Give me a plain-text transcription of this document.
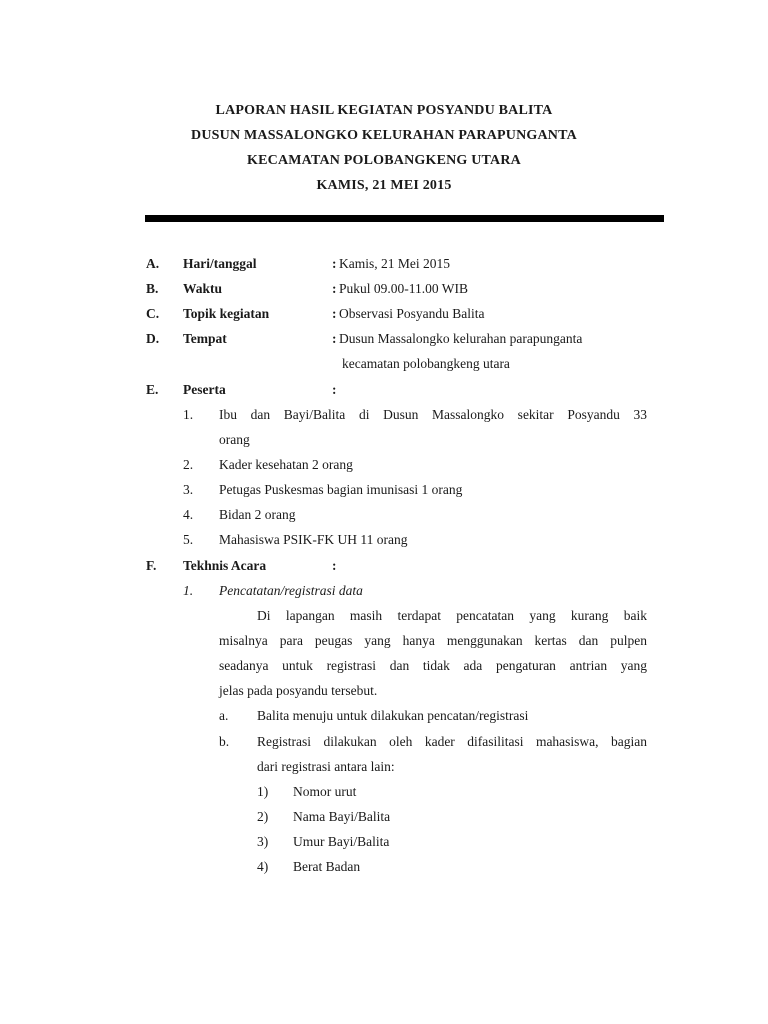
LAPORAN HASIL KEGIATAN POSYANDU BALITA
DUSUN MASSALONGKO KELURAHAN PARAPUNGANTA
KECAMATAN POLOBANGKENG UTARA
KAMIS, 21 MEI 2015
A. Hari/tanggal	: Kamis, 21 Mei 2015
B. Waktu	: Pukul 09.00-11.00 WIB
C. Topik kegiatan	: Observasi Posyandu Balita
D. Tempat	: Dusun Massalongko kelurahan parapunganta
kecamatan polobangkeng utara
E. Peserta	:
1. Ibu dan Bayi/Balita di Dusun Massalongko sekitar Posyandu 33
orang
2. Kader kesehatan 2 orang
3. Petugas Puskesmas bagian imunisasi 1 orang
4. Bidan 2 orang
5. Mahasiswa PSIK-FK UH 11 orang
F. Tekhnis Acara	:
1. Pencatatan/registrasi data
Di lapangan masih terdapat pencatatan yang kurang baik
misalnya para peugas yang hanya menggunakan kertas dan pulpen
seadanya untuk registrasi dan tidak ada pengaturan antrian yang
jelas pada posyandu tersebut.
a. Balita menuju untuk dilakukan pencatan/registrasi
b. Registrasi dilakukan oleh kader difasilitasi mahasiswa, bagian
dari registrasi antara lain:
1) Nomor urut
2) Nama Bayi/Balita
3) Umur Bayi/Balita
4) Berat Badan
